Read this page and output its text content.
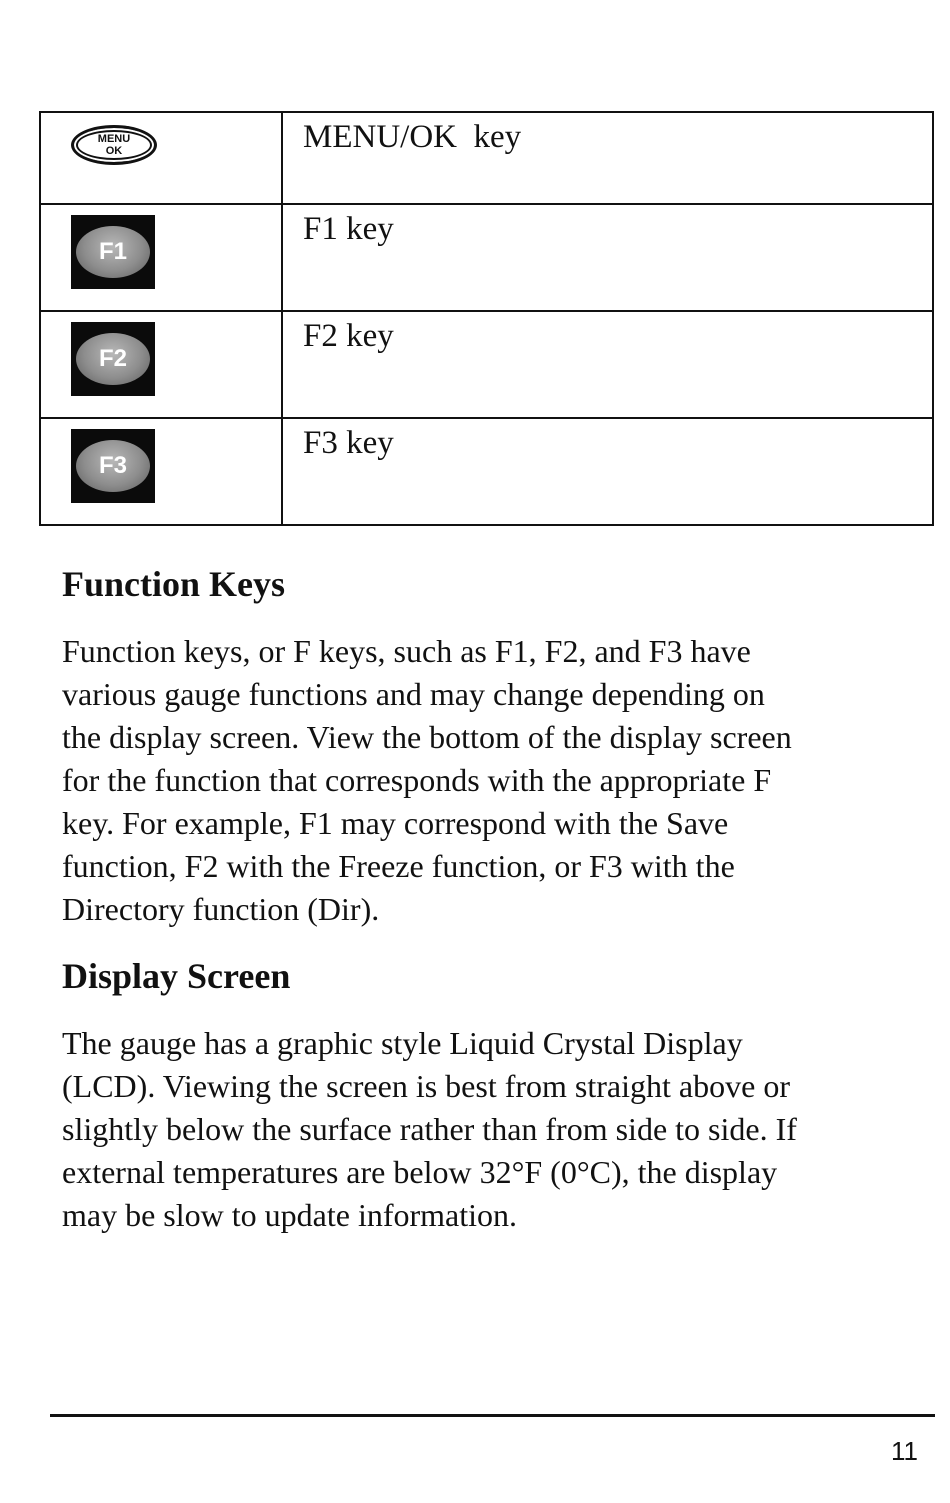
MENU
OK	MENU/OK  key

F1	F1 key

F2	F2 key

F3	F3 key
Function Keys

Function keys, or F keys, such as F1, F2, and F3 have
various gauge functions and may change depending on
the display screen. View the bottom of the display screen
for the function that corresponds with the appropriate F
key. For example, F1 may correspond with the Save
function, F2 with the Freeze function, or F3 with the
Directory function (Dir).

Display Screen

The gauge has a graphic style Liquid Crystal Display
(LCD). Viewing the screen is best from straight above or
slightly below the surface rather than from side to side. If
external temperatures are below 32°F (0°C), the display
may be slow to update information.

11
